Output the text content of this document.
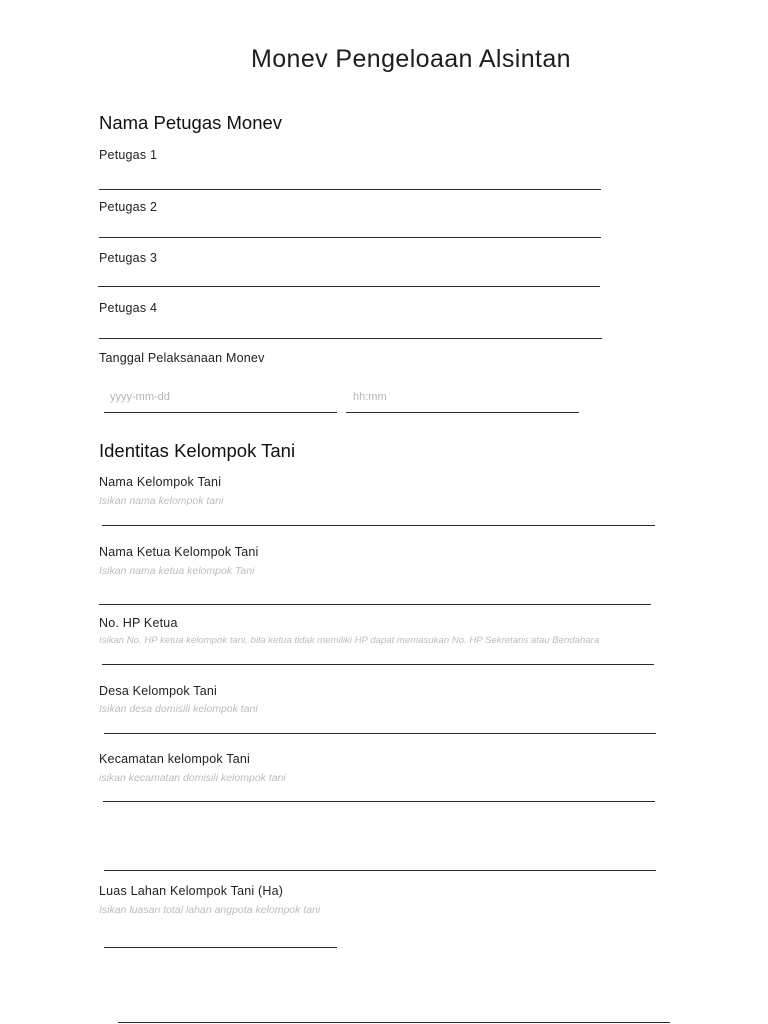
Monev Pengeloaan Alsintan
Nama Petugas Monev
Petugas 1
Petugas 2
Petugas 3
Petugas 4
Tanggal Pelaksanaan Monev
yyyy-mm-dd	hh:mm
Identitas Kelompok Tani
Nama Kelompok Tani
Isikan nama kelompok tani
Nama Ketua Kelompok Tani
Isikan nama ketua kelompok Tani
No. HP Ketua
Isikan No. HP ketua kelompok tani, bila ketua tidak memiliki HP dapat memasukan No. HP Sekretaris atau Bendahara
Desa Kelompok Tani
Isikan desa domisili kelompok tani
Kecamatan kelompok Tani
isikan kecamatan domisili kelompok tani
Luas Lahan Kelompok Tani (Ha)
Isikan luasan total lahan angpota kelompok tani
